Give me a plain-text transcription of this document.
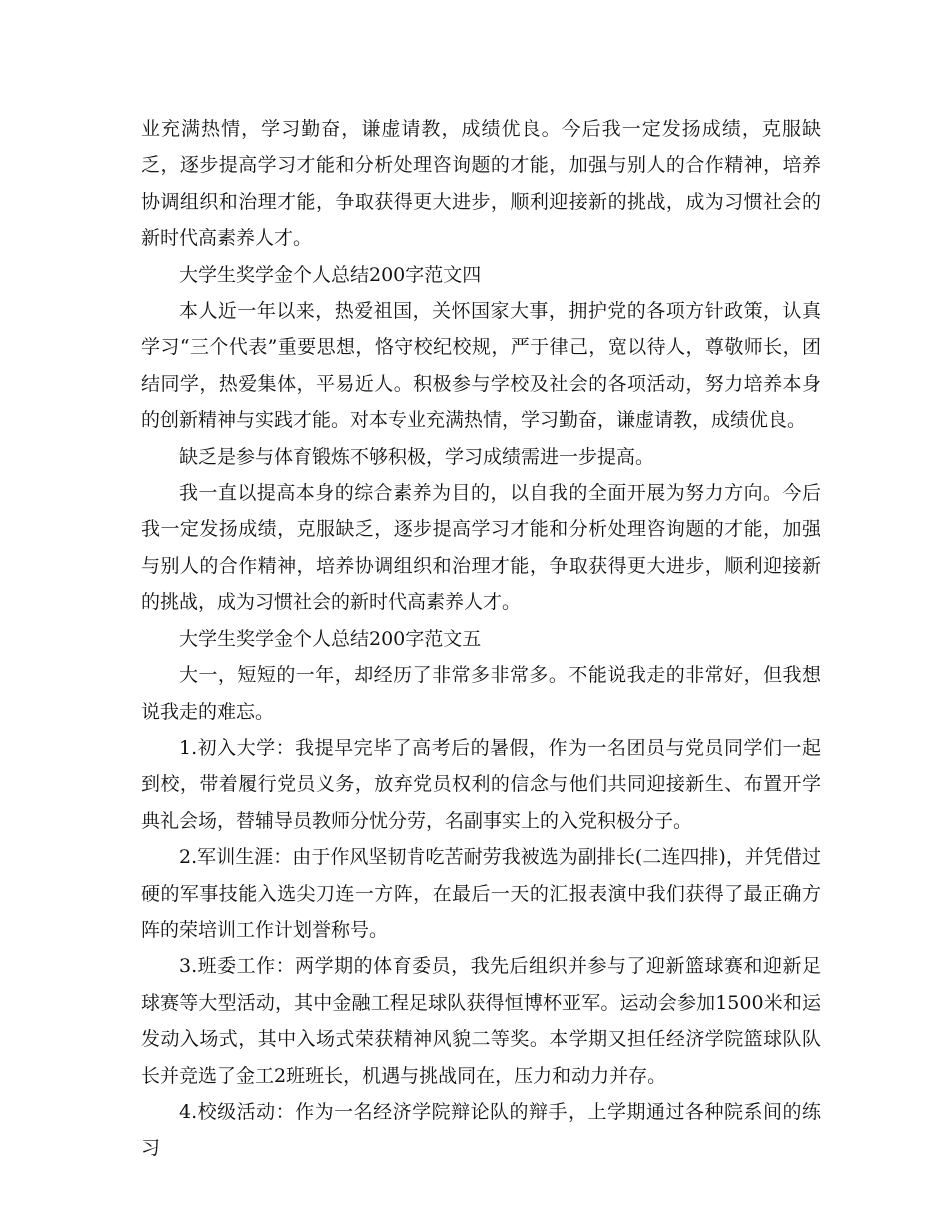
业充满热情，学习勤奋，谦虚请教，成绩优良。今后我一定发扬成绩，克服缺乏，逐步提高学习才能和分析处理咨询题的才能，加强与别人的合作精神，培养协调组织和治理才能，争取获得更大进步，顺利迎接新的挑战，成为习惯社会的新时代高素养人才。

大学生奖学金个人总结200字范文四

本人近一年以来，热爱祖国，关怀国家大事，拥护党的各项方针政策，认真学习“三个代表”重要思想，恪守校纪校规，严于律己，宽以待人，尊敬师长，团结同学，热爱集体，平易近人。积极参与学校及社会的各项活动，努力培养本身的创新精神与实践才能。对本专业充满热情，学习勤奋，谦虚请教，成绩优良。

缺乏是参与体育锻炼不够积极，学习成绩需进一步提高。

我一直以提高本身的综合素养为目的，以自我的全面开展为努力方向。今后我一定发扬成绩，克服缺乏，逐步提高学习才能和分析处理咨询题的才能，加强与别人的合作精神，培养协调组织和治理才能，争取获得更大进步，顺利迎接新的挑战，成为习惯社会的新时代高素养人才。

大学生奖学金个人总结200字范文五

大一，短短的一年，却经历了非常多非常多。不能说我走的非常好，但我想说我走的难忘。

1.初入大学：我提早完毕了高考后的暑假，作为一名团员与党员同学们一起到校，带着履行党员义务，放弃党员权利的信念与他们共同迎接新生、布置开学典礼会场，替辅导员教师分忧分劳，名副事实上的入党积极分子。

2.军训生涯：由于作风坚韧肯吃苦耐劳我被选为副排长(二连四排)，并凭借过硬的军事技能入选尖刀连一方阵，在最后一天的汇报表演中我们获得了最正确方阵的荣培训工作计划誉称号。

3.班委工作：两学期的体育委员，我先后组织并参与了迎新篮球赛和迎新足球赛等大型活动，其中金融工程足球队获得恒博杯亚军。运动会参加1500米和运发动入场式，其中入场式荣获精神风貌二等奖。本学期又担任经济学院篮球队队长并竞选了金工2班班长，机遇与挑战同在，压力和动力并存。

4.校级活动：作为一名经济学院辩论队的辩手，上学期通过各种院系间的练习
